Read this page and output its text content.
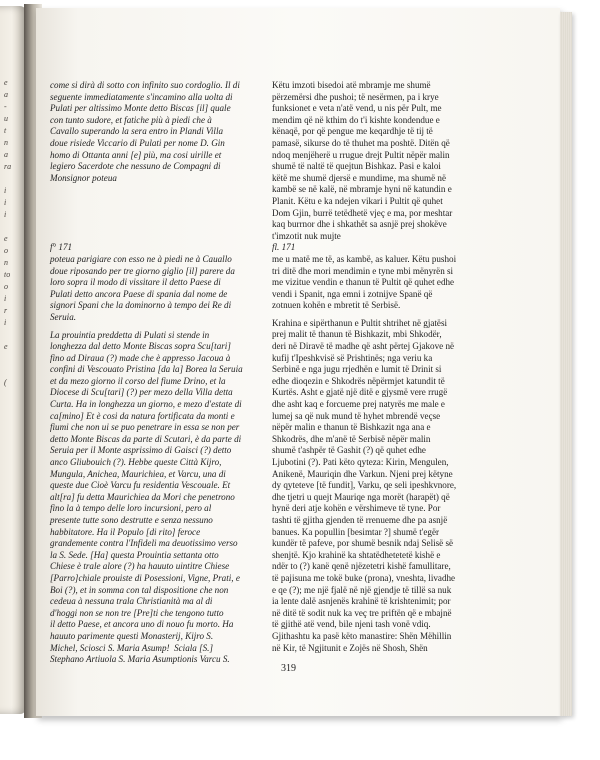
e
a
-
u
t
n
a
ra
i
i
i
e
o
n
to
o
i
r
i
e
(

come si dirà di sotto con infinito suo cordoglio. Il di

seguente immediatamente s'incamino alla uolta di

Pulati per altissimo Monte detto Biscas [il] quale

con tunto sudore, et fatiche più à piedi che à

Cavallo superando la sera entro in Plandi Villa

doue risiede Viccario di Pulati per nome D. Gin

homo di Ottanta anni [e] più, ma cosi uirille et

legiero Sacerdote che nessuno de Compagni di

Monsignor poteua

f° 171

poteua parigiare con esso ne à piedi ne à Cauallo

doue riposando per tre giorno giglio [il] parere da

loro sopra il modo di vissitare il detto Paese di

Pulati detto ancora Paese di spania dal nome de

signori Spani che la dominorno à tempo dei Re di

Seruia.

La prouintia preddetta di Pulati si stende in

longhezza dal detto Monte Biscas sopra Scu[tari]

fino ad Diraua (?) made che è appresso Jacoua à

confini di Vescouato Pristina [da la] Borea la Seruia

et da mezo giorno il corso del fiume Drino, et la

Diocese di Scu[tari] (?) per mezo della Villa detta

Curta. Ha in longhezza un giorno, e mezo d'estate di

ca[mino] Et è cosi da natura fortificata da monti e

fiumi che non ui se puo penetrare in essa se non per

detto Monte Biscas da parte di Scutari, è da parte di

Seruia per il Monte asprissimo di Gaisci (?) detto

anco Gliubouich (?). Hebbe queste Città Kijro,

Mungula, Anichea, Maurichiea, et Varcu, una di

queste due Cioè Varcu fu residentia Vescouale. Et

alt[ra] fu detta Maurichiea da Mori che penetrono

fino la à tempo delle loro incursioni, pero al

presente tutte sono destrutte e senza nessuno

habbitatore. Ha il Populo [di rito] feroce

grandemente contra l'Infideli ma deuotissimo verso

la S. Sede. [Ha] questa Prouintia settanta otto

Chiese è trale alore (?) ha hauuto uintitre Chiese

[Parro]chiale prouiste di Posessioni, Vigne, Prati, e

Boi (?), et in somma con tal dispositione che non

cedeua à nessuna trala Christianità ma al di

d'hoggi non se non tre [Pre]ti che tengono tutto

il detto Paese, et ancora uno di nouo fu morto. Ha

hauuto parimente questi Monasterij, Kijro S.

Michel, Sciosci S. Maria Asump!  Sciala [S.]

Stephano Artiuola S. Maria Asumptionis Varcu S.

Këtu imzoti bisedoi atë mbramje me shumë

përzemërsi dhe pushoi; të nesërmen, pa i krye

funksionet e veta n'atë vend, u nis për Pult, me

mendim që në kthim do t'i kishte kondendue e

kënaqë, por që pengue me keqardhje të tij të

pamasë, sikurse do të thuhet ma poshtë. Ditën që

ndoq menjëherë u rrugue drejt Pultit nëpër malin

shumë të naltë të quejtun Bishkaz. Pasi e kaloi

këtë me shumë djersë e mundime, ma shumë në

kambë se në kalë, në mbramje hyni në katundin e

Planit. Këtu e ka ndejen vikari i Pultit që quhet

Dom Gjin, burrë tetëdhetë vjeç e ma, por meshtar

kaq burrnor dhe i shkathët sa asnjë prej shokëve

t'imzotit nuk mujte

fl. 171

me u matë me të, as kambë, as kaluer. Këtu pushoi

tri ditë dhe mori mendimin e tyne mbi mënyrën si

me vizitue vendin e thanun të Pultit që quhet edhe

vendi i Spanit, nga emni i zotnijve Spanë që

zotnuen kohën e mbretit të Serbisë.

Krahina e sipërthanun e Pultit shtrihet në gjatësi

prej malit të thanun të Bishkazit, mbi Shkodër,

deri në Diravë të madhe që asht përtej Gjakove në

kufij t'Ipeshkvisë së Prishtinës; nga veriu ka

Serbinë e nga jugu rrjedhën e lumit të Drinit si

edhe dioqezin e Shkodrës nëpërmjet katundit të

Kurtës. Asht e gjatë një ditë e gjysmë vere rrugë

dhe asht kaq e forcueme prej natyrës me male e

lumej sa që nuk mund të hyhet mbrendë veçse

nëpër malin e thanun të Bishkazit nga ana e

Shkodrës, dhe m'anë të Serbisë nëpër malin

shumë t'ashpër të Gashit (?) që quhet edhe

Ljubotini (?). Pati këto qyteza: Kirin, Mengulen,

Anikenë, Mauriqin dhe Varkun. Njeni prej këtyne

dy qyteteve [të fundit], Varku, qe seli ipeshkvnore,

dhe tjetri u quejt Mauriqe nga morët (harapët) që

hynë deri atje kohën e vërshimeve të tyne. Por

tashti të gjitha gjenden të rrenueme dhe pa asnjë

banues. Ka popullin [besimtar ?] shumë t'egër

kundër të pafeve, por shumë besnik ndaj Selisë së

shenjtë. Kjo krahinë ka shtatëdhetetetë kishë e

ndër to (?) kanë qenë njëzetetri kishë famullitare,

të pajisuna me tokë buke (prona), vneshta, livadhe

e qe (?); me një fjalë në një gjendje të tillë sa nuk

ia lente dalë asnjenës krahinë të krishtenimit; por

në ditë të sodit nuk ka veç tre priftën që e mbajnë

të gjithë atë vend, bile njeni tash vonë vdiq.

Gjithashtu ka pasë këto manastire: Shën Mëhillin

në Kir, të Ngjitunit e Zojës në Shosh, Shën

319
